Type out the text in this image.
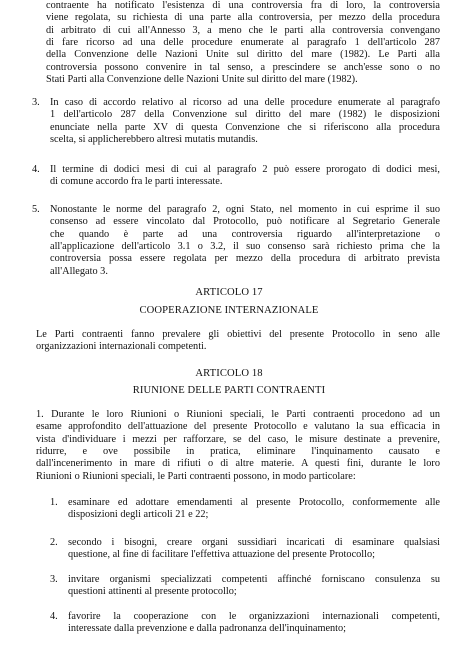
contraente ha notificato l'esistenza di una controversia fra di loro, la controversia
viene regolata, su richiesta di una parte alla controversia, per mezzo della procedura
di arbitrato di cui all'Annesso 3, a meno che le parti alla controversia convengano
di fare ricorso ad una delle procedure enumerate al paragrafo 1 dell'articolo 287
della Convenzione delle Nazioni Unite sul diritto del mare (1982). Le Parti alla
controversia possono convenire in tal senso, a prescindere se anch'esse sono o no
Stati Parti alla Convenzione delle Nazioni Unite sul diritto del mare (1982).
3. In caso di accordo relativo al ricorso ad una delle procedure enumerate al paragrafo
1 dell'articolo 287 della Convenzione sul diritto del mare (1982) le disposizioni
enunciate nella parte XV di questa Convenzione che si riferiscono alla procedura
scelta, si applicherebbero altresì mutatis mutandis.
4. Il termine di dodici mesi di cui al paragrafo 2 può essere prorogato di dodici mesi,
di comune accordo fra le parti interessate.
5. Nonostante le norme del paragrafo 2, ogni Stato, nel momento in cui esprime il suo
consenso ad essere vincolato dal Protocollo, può notificare al Segretario Generale
che quando è parte ad una controversia riguardo all'interpretazione o
all'applicazione dell'articolo 3.1 o 3.2, il suo consenso sarà richiesto prima che la
controversia possa essere regolata per mezzo della procedura di arbitrato prevista
all'Allegato 3.
ARTICOLO 17
COOPERAZIONE INTERNAZIONALE
Le Parti contraenti fanno prevalere gli obiettivi del presente Protocollo in seno alle
organizzazioni internazionali competenti.
ARTICOLO 18
RIUNIONE DELLE PARTI CONTRAENTI
1. Durante le loro Riunioni o Riunioni speciali, le Parti contraenti procedono ad un
esame approfondito dell'attuazione del presente Protocollo e valutano la sua efficacia in
vista d'individuare i mezzi per rafforzare, se del caso, le misure destinate a prevenire,
ridurre, e ove possibile in pratica, eliminare l'inquinamento causato e
dall'incenerimento in mare di rifiuti o di altre materie. A questi fini, durante le loro
Riunioni o Riunioni speciali, le Parti contraenti possono, in modo particolare:
1. esaminare ed adottare emendamenti al presente Protocollo, conformemente alle
disposizioni degli articoli 21 e 22;
2. secondo i bisogni, creare organi sussidiari incaricati di esaminare qualsiasi
questione, al fine di facilitare l'effettiva attuazione del presente Protocollo;
3. invitare organismi specializzati competenti affinché forniscano consulenza su
questioni attinenti al presente protocollo;
4. favorire la cooperazione con le organizzazioni internazionali competenti,
interessate dalla prevenzione e dalla padronanza dell'inquinamento;
